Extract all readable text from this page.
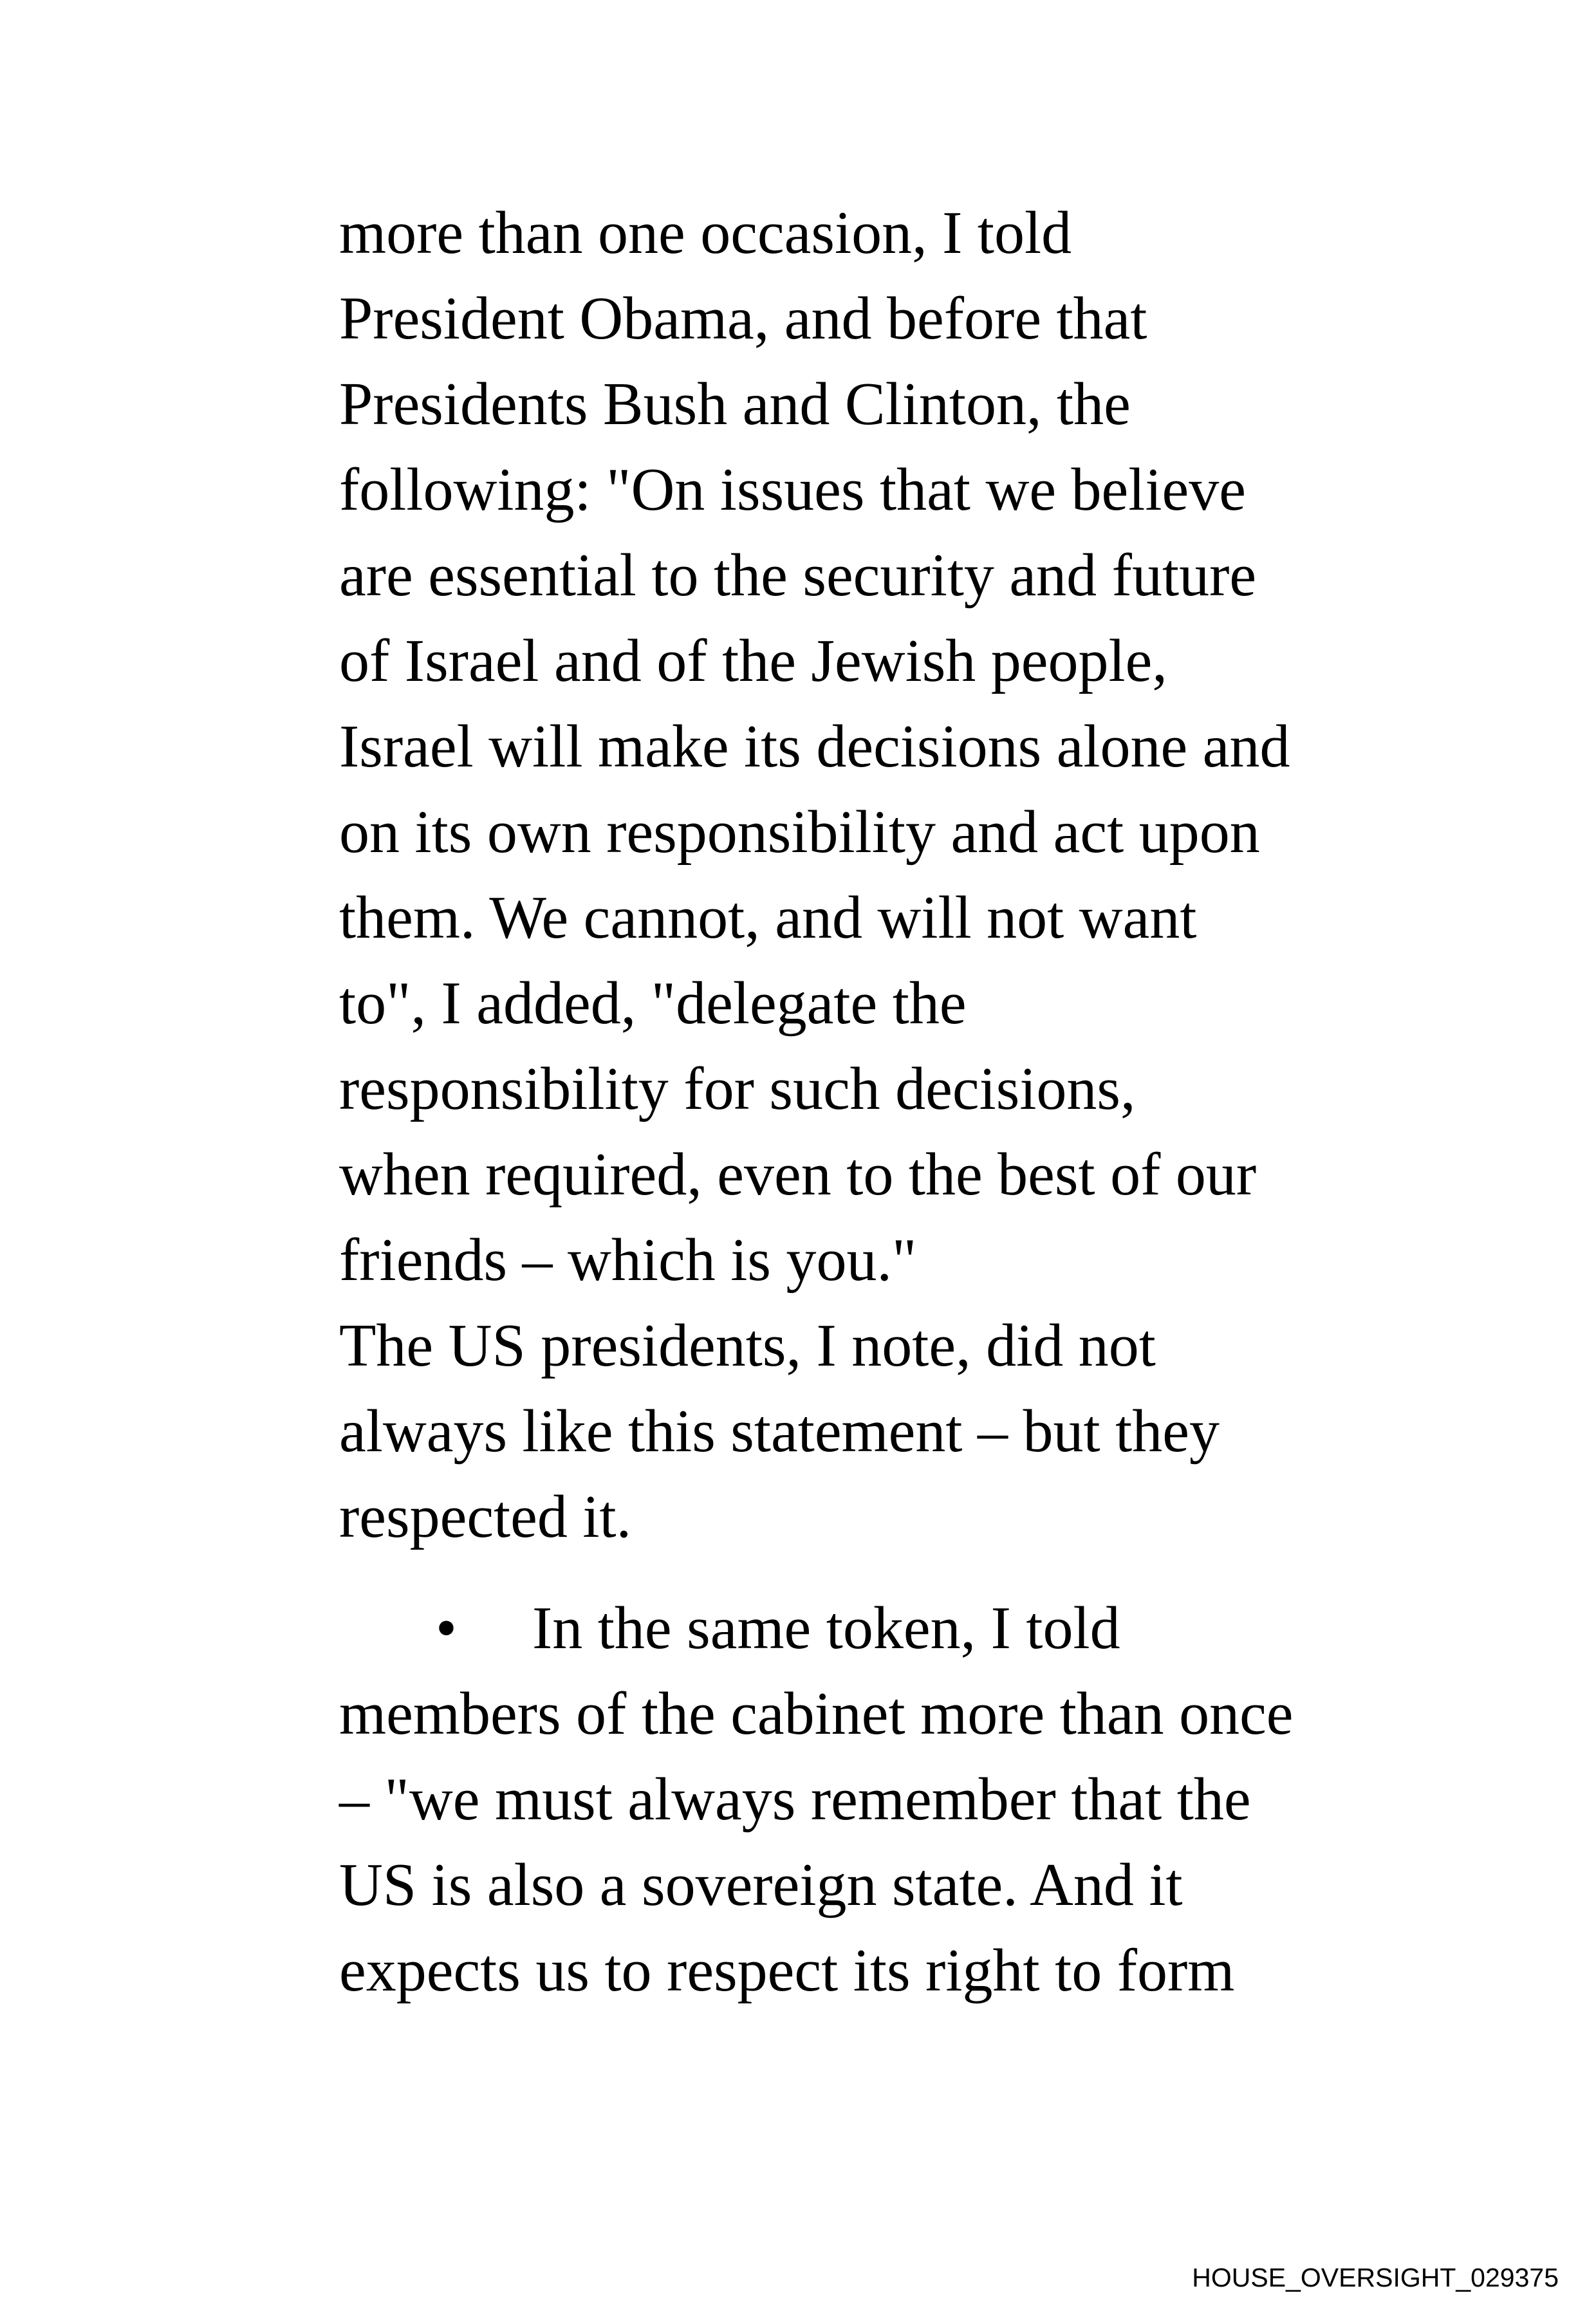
more than one occasion, I told
President Obama, and before that
Presidents Bush and Clinton, the
following: "On issues that we believe
are essential to the security and future
of Israel and of the Jewish people,
Israel will make its decisions alone and
on its own responsibility and act upon
them. We cannot, and will not want
to", I added, "delegate the
responsibility for such decisions,
when required, even to the best of our
friends – which is you."
The US presidents, I note, did not
always like this statement – but they
respected it.
• In the same token, I told
members of the cabinet more than once
– "we must always remember that the
US is also a sovereign state. And it
expects us to respect its right to form
HOUSE_OVERSIGHT_029375
